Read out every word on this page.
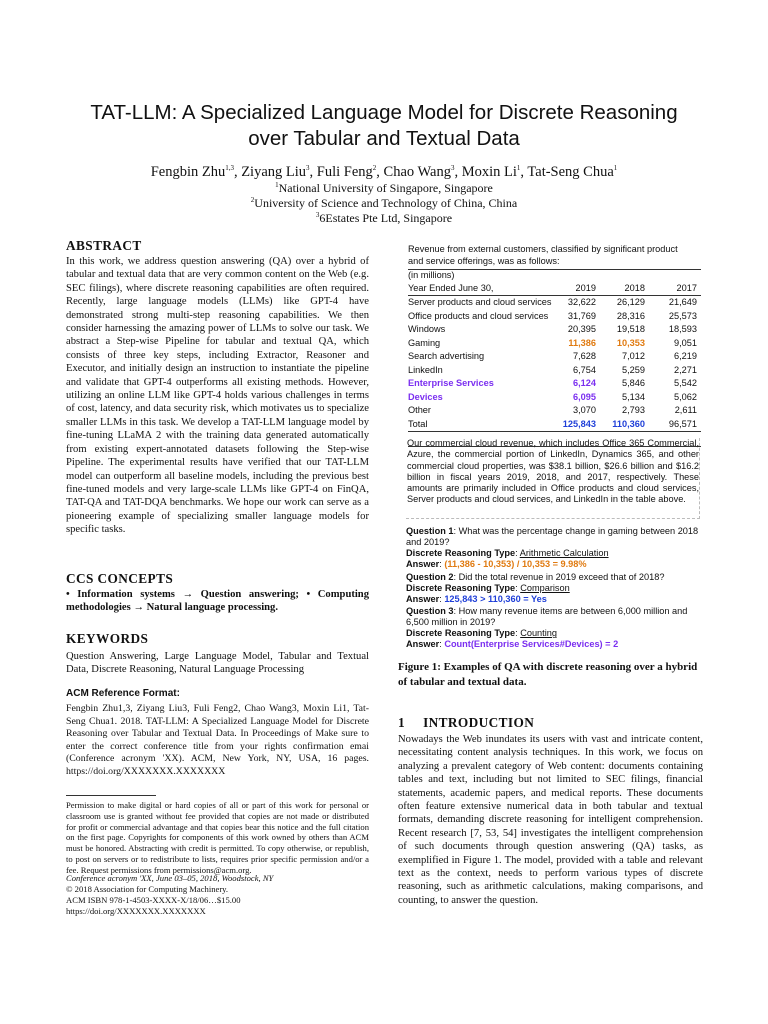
TAT-LLM: A Specialized Language Model for Discrete Reasoning
over Tabular and Textual Data
Fengbin Zhu$^{1,3}$, Ziyang Liu$^3$, Fuli Feng$^2$, Chao Wang$^3$, Moxin Li$^1$, Tat-Seng Chua$^1$
$^1$National University of Singapore, Singapore
$^2$University of Science and Technology of China, China
$^3$6Estates Pte Ltd, Singapore
ABSTRACT
In this work, we address question answering (QA) over a hybrid of tabular and textual data that are very common content on the Web (e.g. SEC filings), where discrete reasoning capabilities are often required. Recently, large language models (LLMs) like GPT-4 have demonstrated strong multi-step reasoning capabilities. We then consider harnessing the amazing power of LLMs to solve our task. We abstract a Step-wise Pipeline for tabular and textual QA, which consists of three key steps, including Extractor, Reasoner and Executor, and initially design an instruction to instantiate the pipeline and validate that GPT-4 outperforms all existing methods. However, utilizing an online LLM like GPT-4 holds various challenges in terms of cost, latency, and data security risk, which motivates us to specialize smaller LLMs in this task. We develop a TAT-LLM language model by fine-tuning LLaMA 2 with the training data generated automatically from existing expert-annotated datasets following the Step-wise Pipeline. The experimental results have verified that our TAT-LLM model can outperform all baseline models, including the previous best fine-tuned models and very large-scale LLMs like GPT-4 on FinQA, TAT-QA and TAT-DQA benchmarks. We hope our work can serve as a pioneering example of specializing smaller language models for specific tasks.
CCS CONCEPTS
• Information systems → Question answering; • Computing methodologies → Natural language processing.
KEYWORDS
Question Answering, Large Language Model, Tabular and Textual Data, Discrete Reasoning, Natural Language Processing
ACM Reference Format:
Fengbin Zhu1,3, Ziyang Liu3, Fuli Feng2, Chao Wang3, Moxin Li1, Tat-Seng Chua1. 2018. TAT-LLM: A Specialized Language Model for Discrete Reasoning over Tabular and Textual Data. In Proceedings of Make sure to enter the correct conference title from your rights confirmation emai (Conference acronym 'XX). ACM, New York, NY, USA, 16 pages. https://doi.org/XXXXXXX.XXXXXXX
Permission to make digital or hard copies of all or part of this work for personal or classroom use is granted without fee provided that copies are not made or distributed for profit or commercial advantage and that copies bear this notice and the full citation on the first page. Copyrights for components of this work owned by others than ACM must be honored. Abstracting with credit is permitted. To copy otherwise, or republish, to post on servers or to redistribute to lists, requires prior specific permission and/or a fee. Request permissions from permissions@acm.org.
Conference acronym 'XX, June 03–05, 2018, Woodstock, NY
© 2018 Association for Computing Machinery.
ACM ISBN 978-1-4503-XXXX-X/18/06…$15.00
https://doi.org/XXXXXXX.XXXXXXX
Revenue from external customers, classified by significant product
and service offerings, was as follows:
(in millions)
Year Ended June 30,	2019	2018	2017
Server products and cloud services	32,622	26,129	21,649
Office products and cloud services	31,769	28,316	25,573
Windows	20,395	19,518	18,593
Gaming	11,386	10,353	9,051
Search advertising	7,628	7,012	6,219
LinkedIn	6,754	5,259	2,271
Enterprise Services	6,124	5,846	5,542
Devices	6,095	5,134	5,062
Other	3,070	2,793	2,611
Total	125,843	110,360	96,571
Our commercial cloud revenue, which includes Office 365 Commercial, Azure, the commercial portion of LinkedIn, Dynamics 365, and other commercial cloud properties, was $38.1 billion, $26.6 billion and $16.2 billion in fiscal years 2019, 2018, and 2017, respectively. These amounts are primarily included in Office products and cloud services, Server products and cloud services, and LinkedIn in the table above.
Question 1: What was the percentage change in gaming between 2018 and 2019?
Discrete Reasoning Type: Arithmetic Calculation
Answer: (11,386 - 10,353) / 10,353 = 9.98%
Question 2: Did the total revenue in 2019 exceed that of 2018?
Discrete Reasoning Type: Comparison
Answer: 125,843 > 110,360 = Yes
Question 3: How many revenue items are between 6,000 million and 6,500 million in 2019?
Discrete Reasoning Type: Counting
Answer: Count(Enterprise Services#Devices) = 2
Figure 1: Examples of QA with discrete reasoning over a hybrid of tabular and textual data.
1 INTRODUCTION
Nowadays the Web inundates its users with vast and intricate content, necessitating content analysis techniques. In this work, we focus on analyzing a prevalent category of Web content: documents containing tables and text, including but not limited to SEC filings, financial statements, academic papers, and medical reports. These documents often feature extensive numerical data in both tabular and textual formats, demanding discrete reasoning for intelligent comprehension. Recent research [7, 53, 54] investigates the intelligent comprehension of such documents through question answering (QA) tasks, as exemplified in Figure 1. The model, provided with a table and relevant text as the context, needs to perform various types of discrete reasoning, such as arithmetic calculations, making comparisons, and counting, to answer the question.
